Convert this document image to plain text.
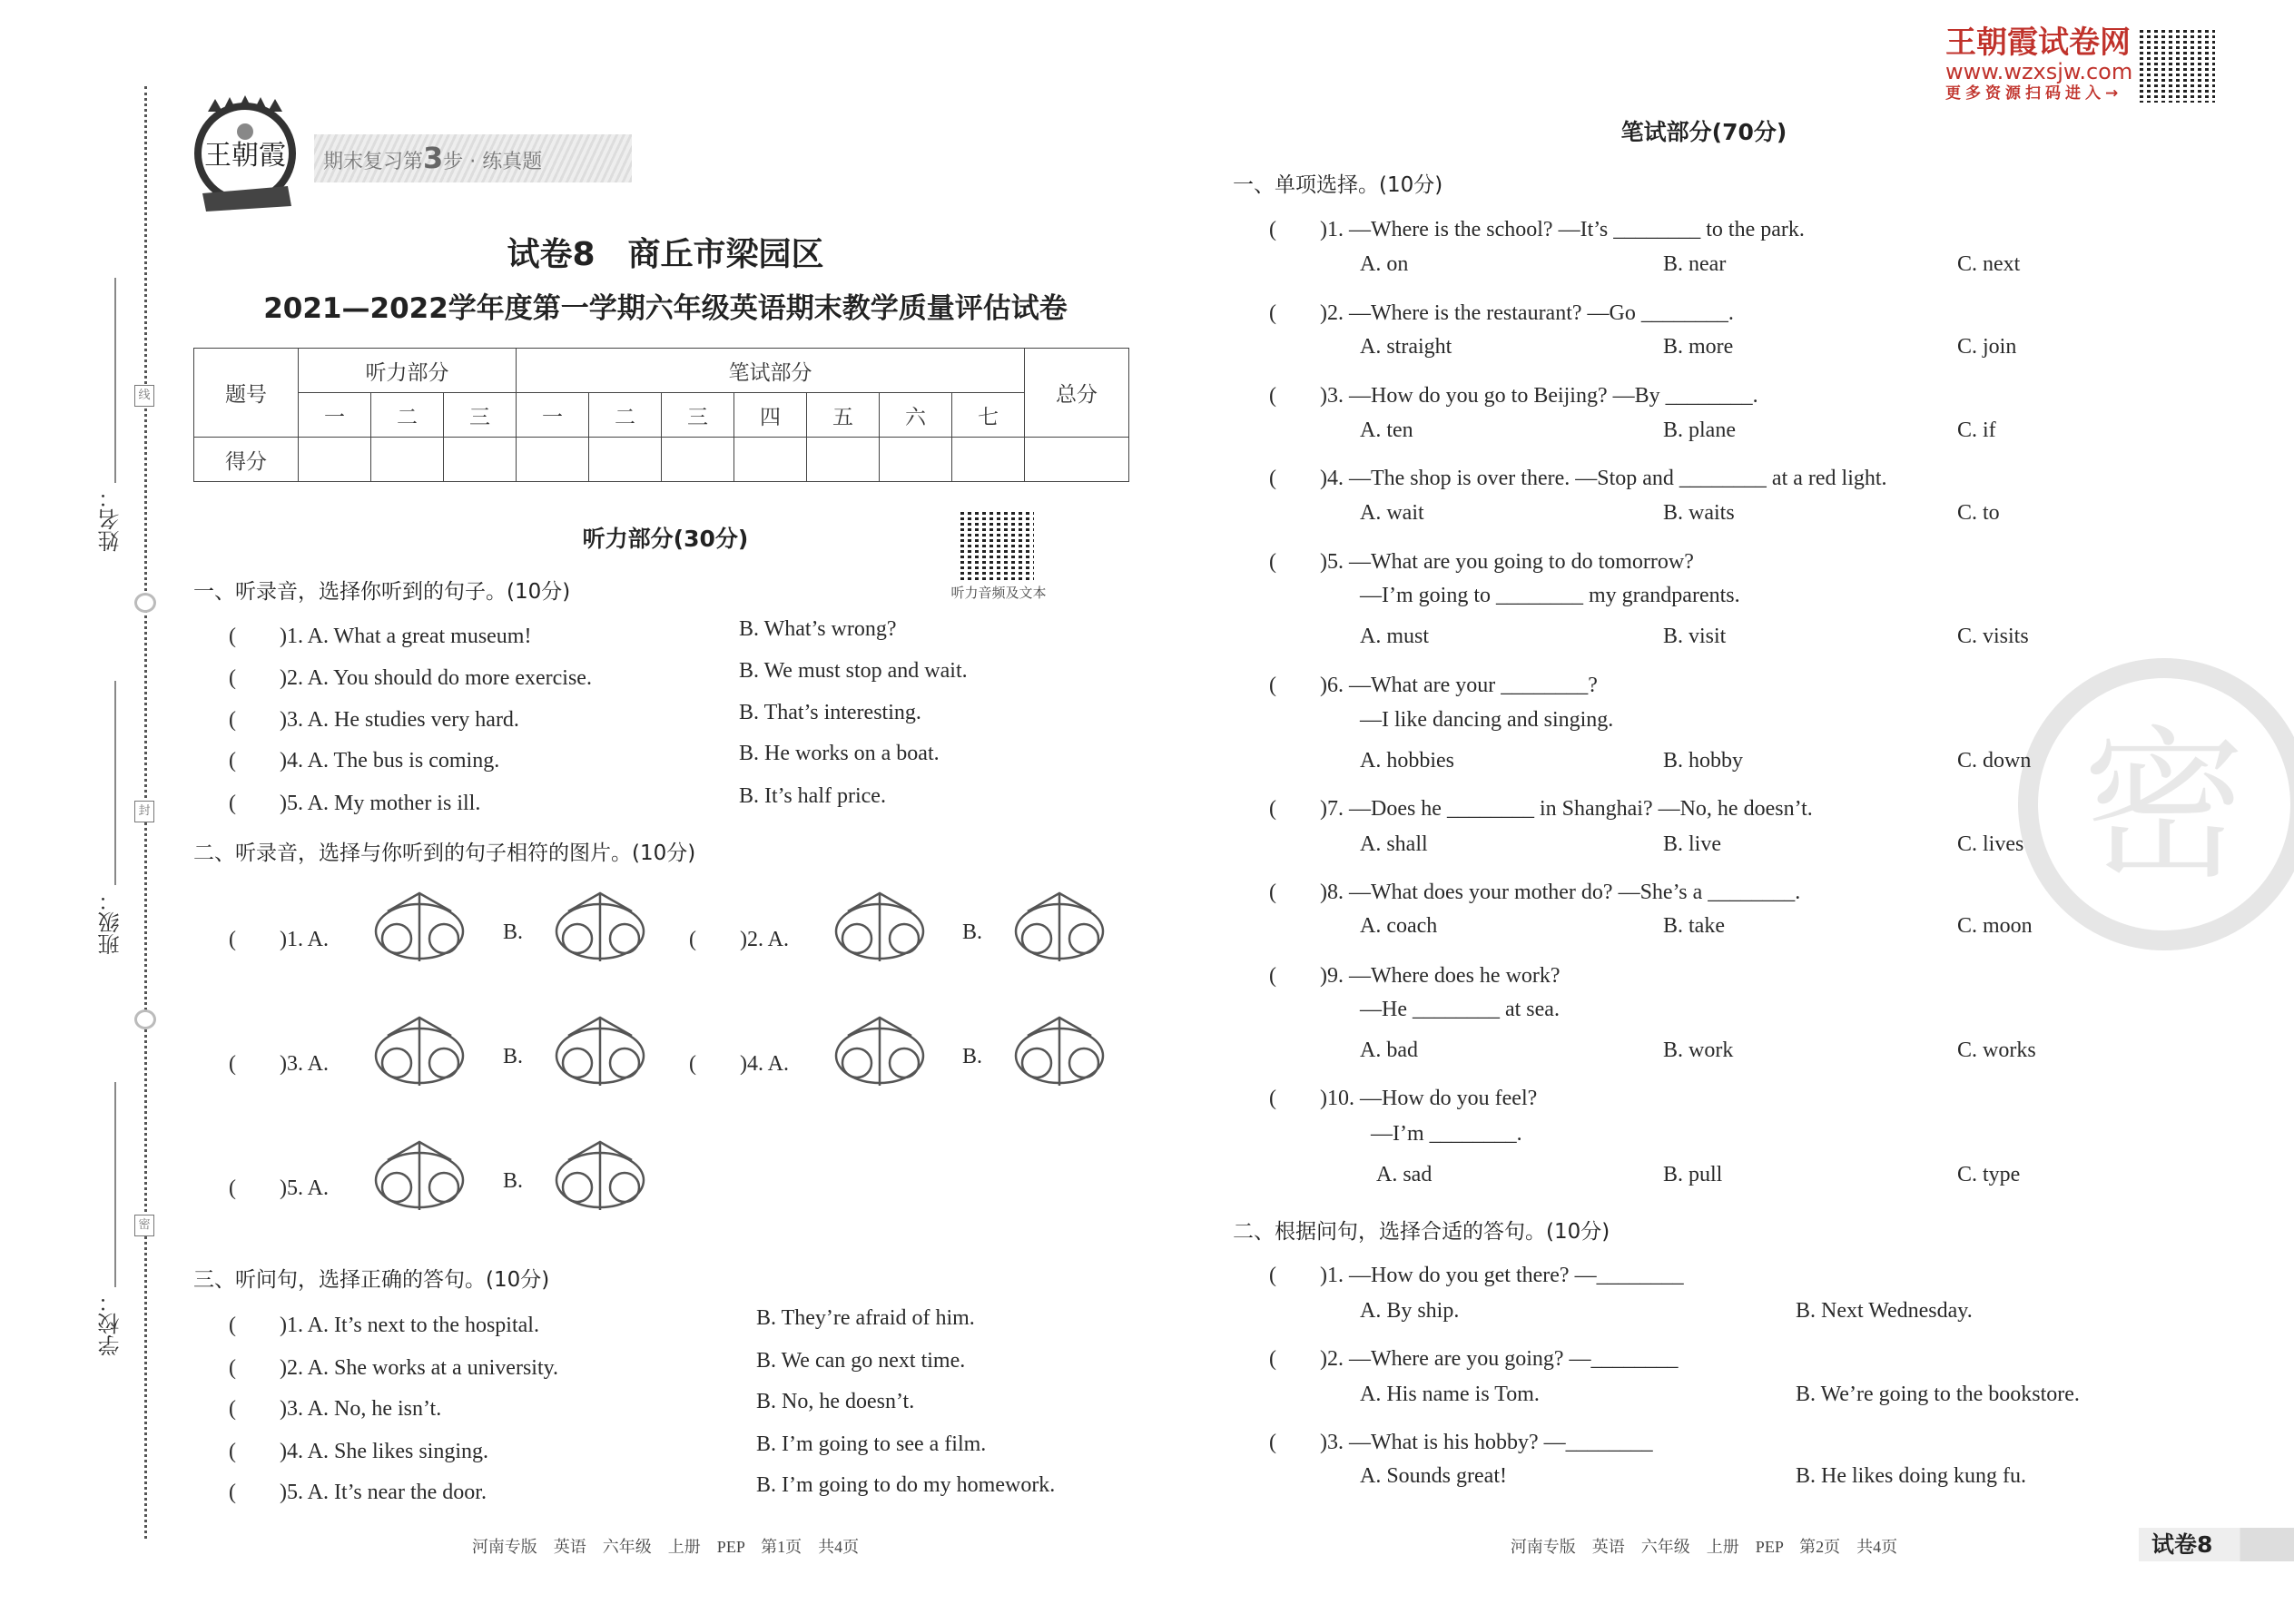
姓名：
班级：
学校：
线
封
密
王朝霞	期末复习第3步 · 练真题
试卷8　商丘市梁园区
2021—2022学年度第一学期六年级英语期末教学质量评估试卷
题号	听力部分			笔试部分							总分
	一	二	三	一	二	三	四	五	六	七	
得分											
听力部分(30分)
听力音频及文本
一、听录音，选择你听到的句子。(10分)
(　　)1. A. What a great museum!	B. What’s wrong?
(　　)2. A. You should do more exercise.	B. We must stop and wait.
(　　)3. A. He studies very hard.	B. That’s interesting.
(　　)4. A. The bus is coming.	B. He works on a boat.
(　　)5. A. My mother is ill.	B. It’s half price.
二、听录音，选择与你听到的句子相符的图片。(10分)
(　　)1. A.	B.	(　　)2. A.	B.
(　　)3. A.	B.	(　　)4. A.	B.
(　　)5. A.	B.
三、听问句，选择正确的答句。(10分)
(　　)1. A. It’s next to the hospital.	B. They’re afraid of him.
(　　)2. A. She works at a university.	B. We can go next time.
(　　)3. A. No, he isn’t.	B. No, he doesn’t.
(　　)4. A. She likes singing.	B. I’m going to see a film.
(　　)5. A. It’s near the door.	B. I’m going to do my homework.
河南专版　英语　六年级　上册　PEP　第1页　共4页
王朝霞试卷网
www.wzxsjw.com
更多资源扫码进入→
密
笔试部分(70分)
一、单项选择。(10分)
(　　)1. —Where is the school? —It’s ________ to the park.
A. on	B. near	C. next
(　　)2. —Where is the restaurant? —Go ________.
A. straight	B. more	C. join
(　　)3. —How do you go to Beijing? —By ________.
A. ten	B. plane	C. if
(　　)4. —The shop is over there. —Stop and ________ at a red light.
A. wait	B. waits	C. to
(　　)5. —What are you going to do tomorrow?
—I’m going to ________ my grandparents.
A. must	B. visit	C. visits
(　　)6. —What are your ________?
—I like dancing and singing.
A. hobbies	B. hobby	C. down
(　　)7. —Does he ________ in Shanghai? —No, he doesn’t.
A. shall	B. live	C. lives
(　　)8. —What does your mother do? —She’s a ________.
A. coach	B. take	C. moon
(　　)9. —Where does he work?
—He ________ at sea.
A. bad	B. work	C. works
(　　)10. —How do you feel?
—I’m ________.
A. sad	B. pull	C. type
二、根据问句，选择合适的答句。(10分)
(　　)1. —How do you get there? —________
A. By ship.	B. Next Wednesday.
(　　)2. —Where are you going? —________
A. His name is Tom.	B. We’re going to the bookstore.
(　　)3. —What is his hobby? —________
A. Sounds great!	B. He likes doing kung fu.
河南专版　英语　六年级　上册　PEP　第2页　共4页	试卷8
